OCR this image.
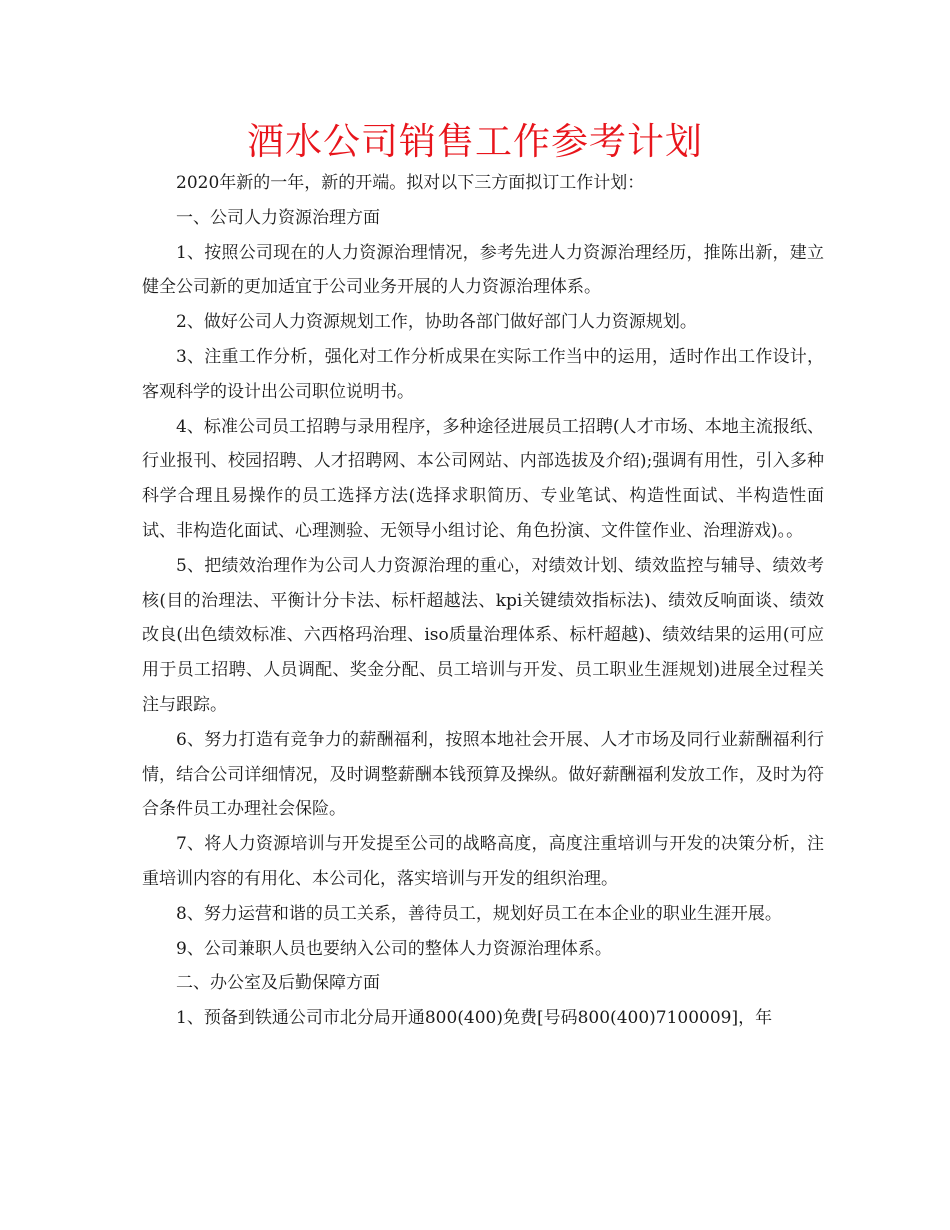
酒水公司销售工作参考计划

2020年新的一年，新的开端。拟对以下三方面拟订工作计划：

一、公司人力资源治理方面

1、按照公司现在的人力资源治理情况，参考先进人力资源治理经历，推陈出新，建立健全公司新的更加适宜于公司业务开展的人力资源治理体系。

2、做好公司人力资源规划工作，协助各部门做好部门人力资源规划。

3、注重工作分析，强化对工作分析成果在实际工作当中的运用，适时作出工作设计，客观科学的设计出公司职位说明书。

4、标准公司员工招聘与录用程序，多种途径进展员工招聘(人才市场、本地主流报纸、行业报刊、校园招聘、人才招聘网、本公司网站、内部选拔及介绍);强调有用性，引入多种科学合理且易操作的员工选择方法(选择求职简历、专业笔试、构造性面试、半构造性面试、非构造化面试、心理测验、无领导小组讨论、角色扮演、文件筐作业、治理游戏)。。

5、把绩效治理作为公司人力资源治理的重心，对绩效计划、绩效监控与辅导、绩效考核(目的治理法、平衡计分卡法、标杆超越法、kpi关键绩效指标法)、绩效反响面谈、绩效改良(出色绩效标准、六西格玛治理、iso质量治理体系、标杆超越)、绩效结果的运用(可应用于员工招聘、人员调配、奖金分配、员工培训与开发、员工职业生涯规划)进展全过程关注与跟踪。

6、努力打造有竞争力的薪酬福利，按照本地社会开展、人才市场及同行业薪酬福利行情，结合公司详细情况，及时调整薪酬本钱预算及操纵。做好薪酬福利发放工作，及时为符合条件员工办理社会保险。

7、将人力资源培训与开发提至公司的战略高度，高度注重培训与开发的决策分析，注重培训内容的有用化、本公司化，落实培训与开发的组织治理。

8、努力运营和谐的员工关系，善待员工，规划好员工在本企业的职业生涯开展。

9、公司兼职人员也要纳入公司的整体人力资源治理体系。

二、办公室及后勤保障方面

1、预备到铁通公司市北分局开通800(400)免费[号码800(400)7100009]，年
